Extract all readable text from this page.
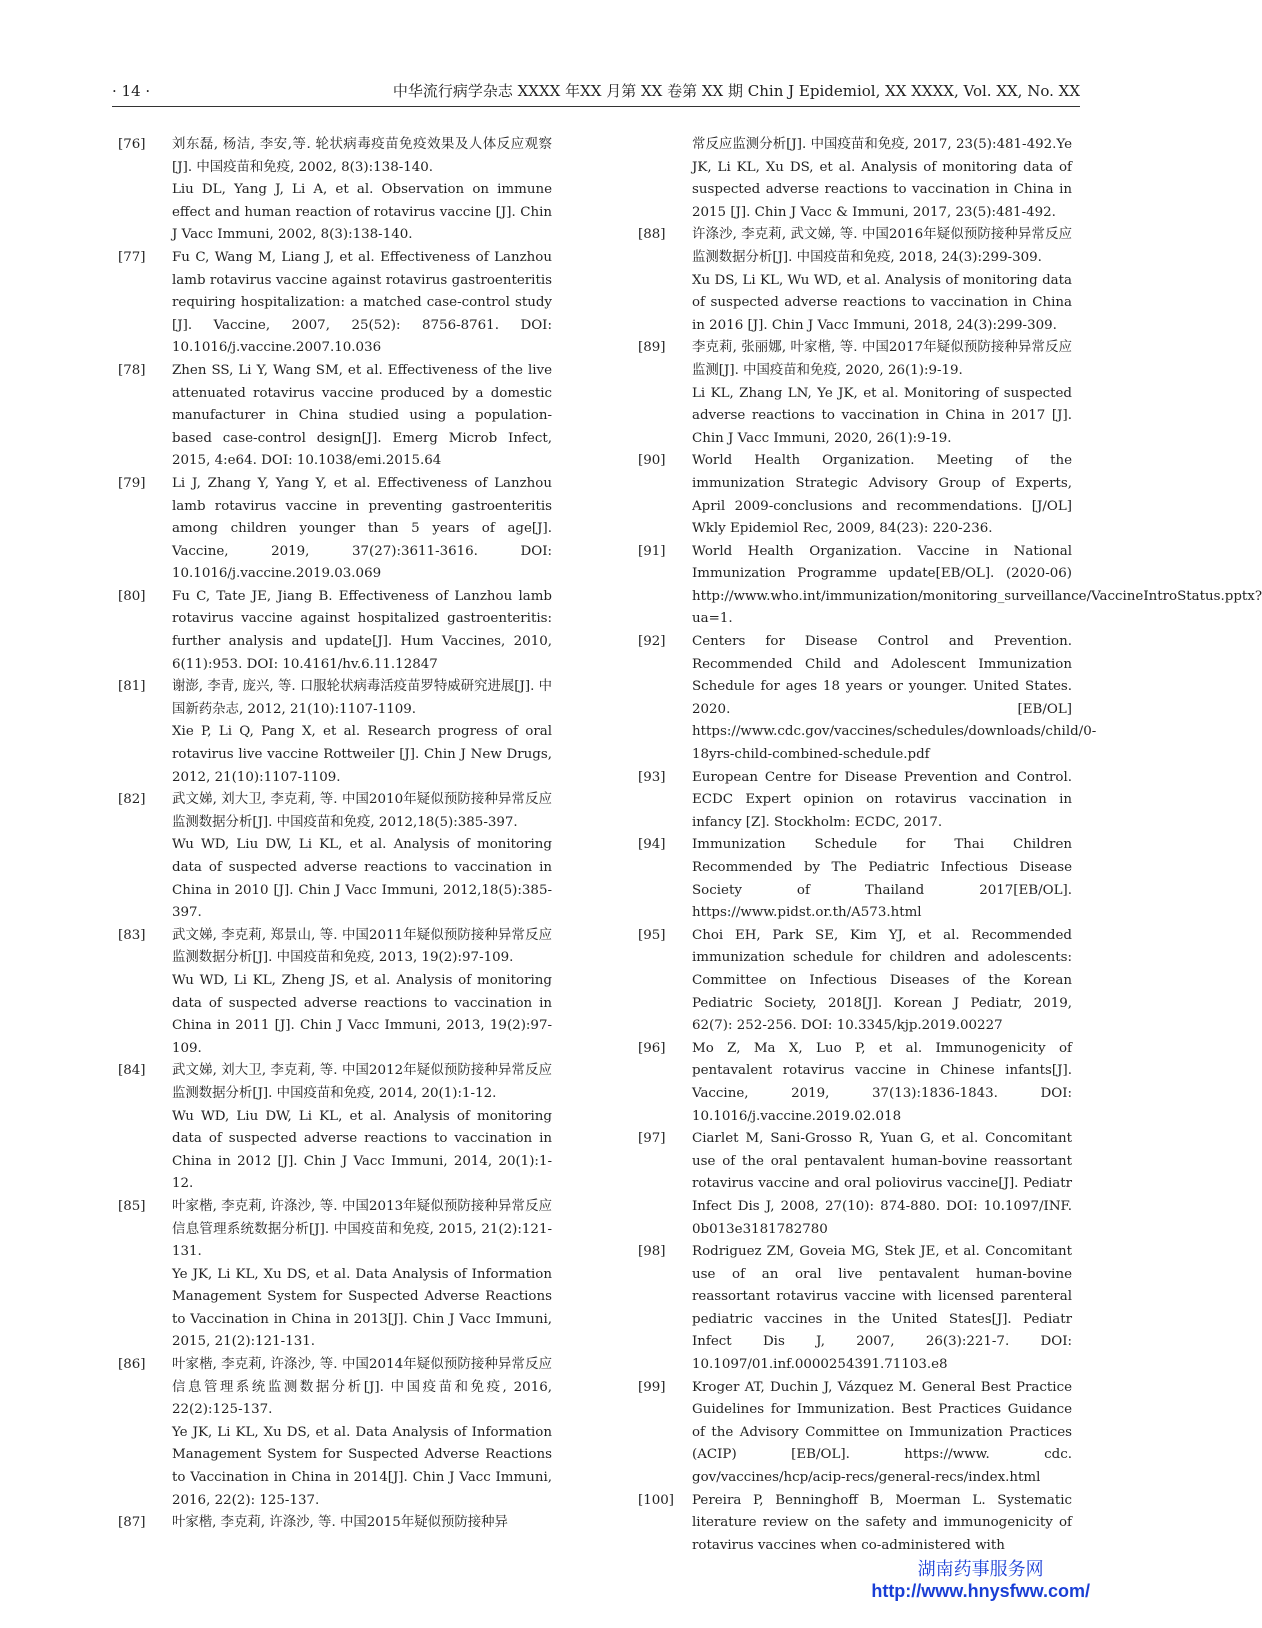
· 14 ·	中华流行病学杂志 XXXX 年XX 月第 XX 卷第 XX 期 Chin J Epidemiol, XX XXXX, Vol. XX, No. XX
[76] 刘东磊, 杨洁, 李安,等. 轮状病毒疫苗免疫效果及人体反应观察[J]. 中国疫苗和免疫, 2002, 8(3):138-140.
Liu DL, Yang J, Li A, et al. Observation on immune effect and human reaction of rotavirus vaccine [J]. Chin J Vacc Immuni, 2002, 8(3):138-140.
[77] Fu C, Wang M, Liang J, et al. Effectiveness of Lanzhou lamb rotavirus vaccine against rotavirus gastroenteritis requiring hospitalization: a matched case-control study [J]. Vaccine, 2007, 25(52): 8756-8761. DOI: 10.1016/j.vaccine.2007.10.036
[78] Zhen SS, Li Y, Wang SM, et al. Effectiveness of the live attenuated rotavirus vaccine produced by a domestic manufacturer in China studied using a population-based case-control design[J]. Emerg Microb Infect, 2015, 4:e64. DOI: 10.1038/emi.2015.64
[79] Li J, Zhang Y, Yang Y, et al. Effectiveness of Lanzhou lamb rotavirus vaccine in preventing gastroenteritis among children younger than 5 years of age[J]. Vaccine, 2019, 37(27):3611-3616. DOI: 10.1016/j.vaccine.2019.03.069
[80] Fu C, Tate JE, Jiang B. Effectiveness of Lanzhou lamb rotavirus vaccine against hospitalized gastroenteritis: further analysis and update[J]. Hum Vaccines, 2010, 6(11):953. DOI: 10.4161/hv.6.11.12847
[81] 谢澎, 李青, 庞兴, 等. 口服轮状病毒活疫苗罗特威研究进展[J]. 中国新药杂志, 2012, 21(10):1107-1109.
Xie P, Li Q, Pang X, et al. Research progress of oral rotavirus live vaccine Rottweiler [J]. Chin J New Drugs, 2012, 21(10):1107-1109.
[82] 武文娣, 刘大卫, 李克莉, 等. 中国2010年疑似预防接种异常反应监测数据分析[J]. 中国疫苗和免疫, 2012,18(5):385-397.
Wu WD, Liu DW, Li KL, et al. Analysis of monitoring data of suspected adverse reactions to vaccination in China in 2010 [J]. Chin J Vacc Immuni, 2012,18(5):385-397.
[83] 武文娣, 李克莉, 郑景山, 等. 中国2011年疑似预防接种异常反应监测数据分析[J]. 中国疫苗和免疫, 2013, 19(2):97-109.
Wu WD, Li KL, Zheng JS, et al. Analysis of monitoring data of suspected adverse reactions to vaccination in China in 2011 [J]. Chin J Vacc Immuni, 2013, 19(2):97-109.
[84] 武文娣, 刘大卫, 李克莉, 等. 中国2012年疑似预防接种异常反应监测数据分析[J]. 中国疫苗和免疫, 2014, 20(1):1-12.
Wu WD, Liu DW, Li KL, et al. Analysis of monitoring data of suspected adverse reactions to vaccination in China in 2012 [J]. Chin J Vacc Immuni, 2014, 20(1):1-12.
[85] 叶家楷, 李克莉, 许涤沙, 等. 中国2013年疑似预防接种异常反应信息管理系统数据分析[J]. 中国疫苗和免疫, 2015, 21(2):121-131.
Ye JK, Li KL, Xu DS, et al. Data Analysis of Information Management System for Suspected Adverse Reactions to Vaccination in China in 2013[J]. Chin J Vacc Immuni, 2015, 21(2):121-131.
[86] 叶家楷, 李克莉, 许涤沙, 等. 中国2014年疑似预防接种异常反应信息管理系统监测数据分析[J]. 中国疫苗和免疫, 2016, 22(2):125-137.
Ye JK, Li KL, Xu DS, et al. Data Analysis of Information Management System for Suspected Adverse Reactions to Vaccination in China in 2014[J]. Chin J Vacc Immuni, 2016, 22(2): 125-137.
[87] 叶家楷, 李克莉, 许涤沙, 等. 中国2015年疑似预防接种异
常反应监测分析[J]. 中国疫苗和免疫, 2017, 23(5):481-492.Ye JK, Li KL, Xu DS, et al. Analysis of monitoring data of suspected adverse reactions to vaccination in China in 2015 [J]. Chin J Vacc & Immuni, 2017, 23(5):481-492.
[88] 许涤沙, 李克莉, 武文娣, 等. 中国2016年疑似预防接种异常反应监测数据分析[J]. 中国疫苗和免疫, 2018, 24(3):299-309.
Xu DS, Li KL, Wu WD, et al. Analysis of monitoring data of suspected adverse reactions to vaccination in China in 2016 [J]. Chin J Vacc Immuni, 2018, 24(3):299-309.
[89] 李克莉, 张丽娜, 叶家楷, 等. 中国2017年疑似预防接种异常反应监测[J]. 中国疫苗和免疫, 2020, 26(1):9-19.
Li KL, Zhang LN, Ye JK, et al. Monitoring of suspected adverse reactions to vaccination in China in 2017 [J]. Chin J Vacc Immuni, 2020, 26(1):9-19.
[90] World Health Organization. Meeting of the immunization Strategic Advisory Group of Experts, April 2009-conclusions and recommendations. [J/OL] Wkly Epidemiol Rec, 2009, 84(23): 220-236.
[91] World Health Organization. Vaccine in National Immunization Programme update[EB/OL]. (2020-06) http://www.who.int/immunization/monitoring_surveillance/VaccineIntroStatus.pptx?ua=1.
[92] Centers for Disease Control and Prevention. Recommended Child and Adolescent Immunization Schedule for ages 18 years or younger. United States. 2020. [EB/OL] https://www.cdc.gov/vaccines/schedules/downloads/child/0-18yrs-child-combined-schedule.pdf
[93] European Centre for Disease Prevention and Control. ECDC Expert opinion on rotavirus vaccination in infancy [Z]. Stockholm: ECDC, 2017.
[94] Immunization Schedule for Thai Children Recommended by The Pediatric Infectious Disease Society of Thailand 2017[EB/OL]. https://www.pidst.or.th/A573.html
[95] Choi EH, Park SE, Kim YJ, et al. Recommended immunization schedule for children and adolescents: Committee on Infectious Diseases of the Korean Pediatric Society, 2018[J]. Korean J Pediatr, 2019, 62(7): 252-256. DOI: 10.3345/kjp.2019.00227
[96] Mo Z, Ma X, Luo P, et al. Immunogenicity of pentavalent rotavirus vaccine in Chinese infants[J]. Vaccine, 2019, 37(13):1836-1843. DOI: 10.1016/j.vaccine.2019.02.018
[97] Ciarlet M, Sani-Grosso R, Yuan G, et al. Concomitant use of the oral pentavalent human-bovine reassortant rotavirus vaccine and oral poliovirus vaccine[J]. Pediatr Infect Dis J, 2008, 27(10): 874-880. DOI: 10.1097/INF. 0b013e3181782780
[98] Rodriguez ZM, Goveia MG, Stek JE, et al. Concomitant use of an oral live pentavalent human-bovine reassortant rotavirus vaccine with licensed parenteral pediatric vaccines in the United States[J]. Pediatr Infect Dis J, 2007, 26(3):221-7. DOI: 10.1097/01.inf.0000254391.71103.e8
[99] Kroger AT, Duchin J, Vázquez M. General Best Practice Guidelines for Immunization. Best Practices Guidance of the Advisory Committee on Immunization Practices (ACIP) [EB/OL]. https://www. cdc. gov/vaccines/hcp/acip-recs/general-recs/index.html
[100] Pereira P, Benninghoff B, Moerman L. Systematic literature review on the safety and immunogenicity of rotavirus vaccines when co-administered with
湖南药事服务网
http://www.hnysfww.com/
